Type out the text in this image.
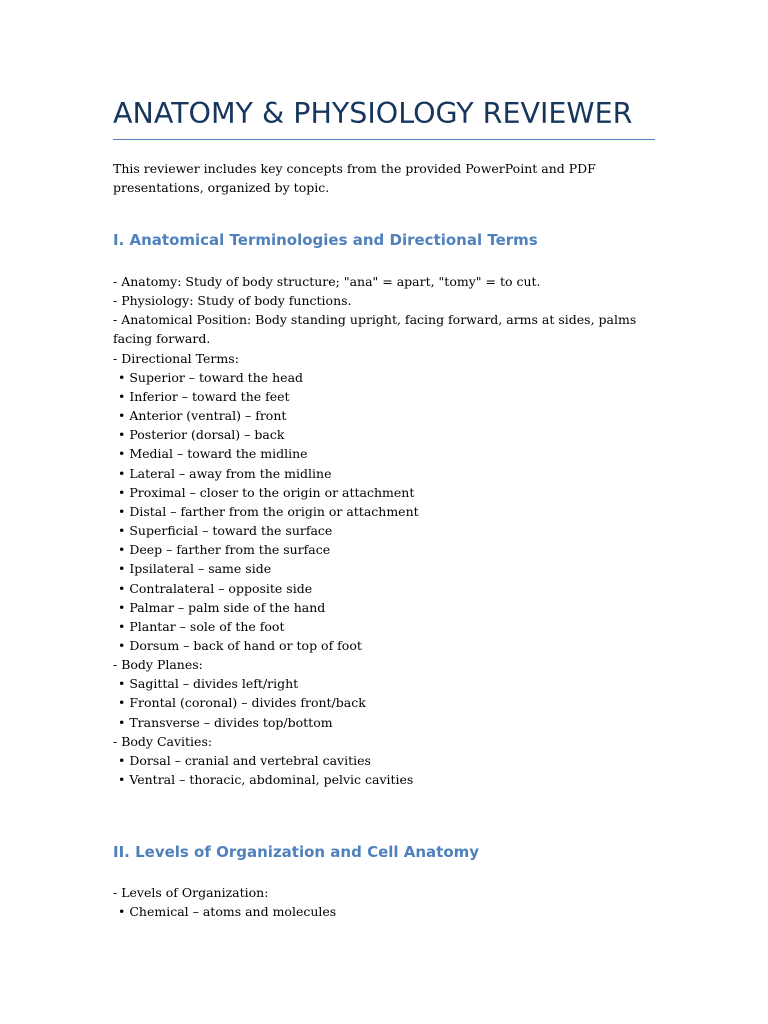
ANATOMY & PHYSIOLOGY REVIEWER

This reviewer includes key concepts from the provided PowerPoint and PDF presentations, organized by topic.

I. Anatomical Terminologies and Directional Terms
- Anatomy: Study of body structure; "ana" = apart, "tomy" = to cut.
- Physiology: Study of body functions.
- Anatomical Position: Body standing upright, facing forward, arms at sides, palms facing forward.
- Directional Terms:
• Superior – toward the head
• Inferior – toward the feet
• Anterior (ventral) – front
• Posterior (dorsal) – back
• Medial – toward the midline
• Lateral – away from the midline
• Proximal – closer to the origin or attachment
• Distal – farther from the origin or attachment
• Superficial – toward the surface
• Deep – farther from the surface
• Ipsilateral – same side
• Contralateral – opposite side
• Palmar – palm side of the hand
• Plantar – sole of the foot
• Dorsum – back of hand or top of foot
- Body Planes:
• Sagittal – divides left/right
• Frontal (coronal) – divides front/back
• Transverse – divides top/bottom
- Body Cavities:
• Dorsal – cranial and vertebral cavities
• Ventral – thoracic, abdominal, pelvic cavities
II. Levels of Organization and Cell Anatomy
- Levels of Organization:
• Chemical – atoms and molecules
